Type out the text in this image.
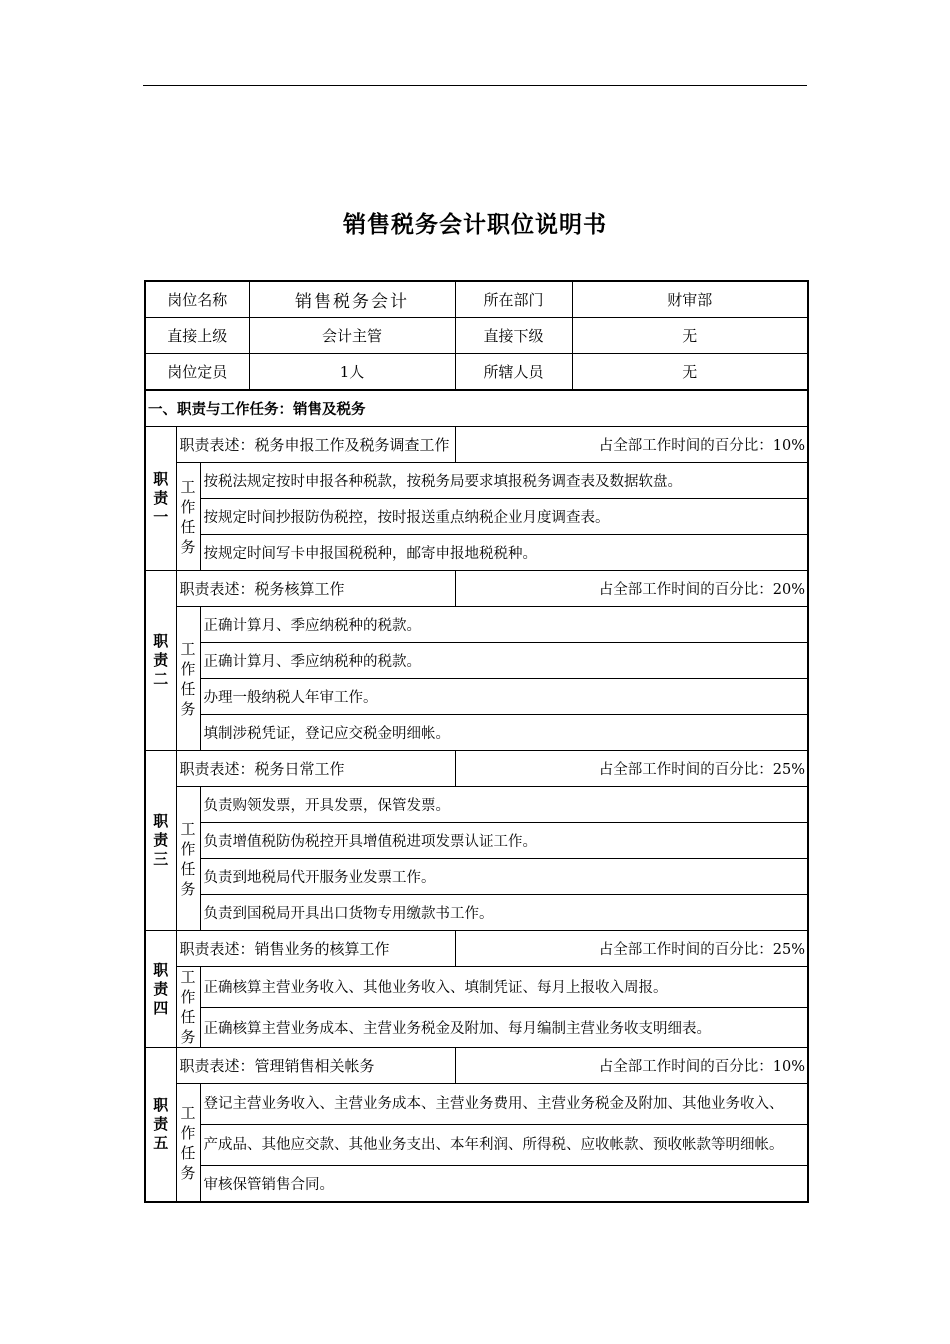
销售税务会计职位说明书
岗位名称			销售税务会计	所在部门	财审部
直接上级			会计主管	直接下级	无
岗位定员			1人	所辖人员	无
一、职责与工作任务：销售及税务					

职
责
一	职责表述：税务申报工作及税务调查工作			占全部工作时间的百分比：10%	

	工
作
任
务	按税法规定按时申报各种税款，按税务局要求填报税务调查表及数据软盘。			
		按规定时间抄报防伪税控，按时报送重点纳税企业月度调查表。			
		按规定时间写卡申报国税税种，邮寄申报地税税种。			

职
责
二	职责表述：税务核算工作			占全部工作时间的百分比：20%	

	工
作
任
务	正确计算月、季应纳税种的税款。			
		正确计算月、季应纳税种的税款。			
		办理一般纳税人年审工作。			
		填制涉税凭证，登记应交税金明细帐。			

职
责
三	职责表述：税务日常工作			占全部工作时间的百分比：25%	

	工
作
任
务	负责购领发票，开具发票，保管发票。			
		负责增值税防伪税控开具增值税进项发票认证工作。			
		负责到地税局代开服务业发票工作。			
		负责到国税局开具出口货物专用缴款书工作。			

职
责
四	职责表述：销售业务的核算工作			占全部工作时间的百分比：25%	

	工
作
任
务	正确核算主营业务收入、其他业务收入、填制凭证、每月上报收入周报。			
		正确核算主营业务成本、主营业务税金及附加、每月编制主营业务收支明细表。			

职
责
五	职责表述：管理销售相关帐务			占全部工作时间的百分比：10%	

	工
作
任
务	登记主营业务收入、主营业务成本、主营业务费用、主营业务税金及附加、其他业务收入、			
		产成品、其他应交款、其他业务支出、本年利润、所得税、应收帐款、预收帐款等明细帐。			
		审核保管销售合同。			
